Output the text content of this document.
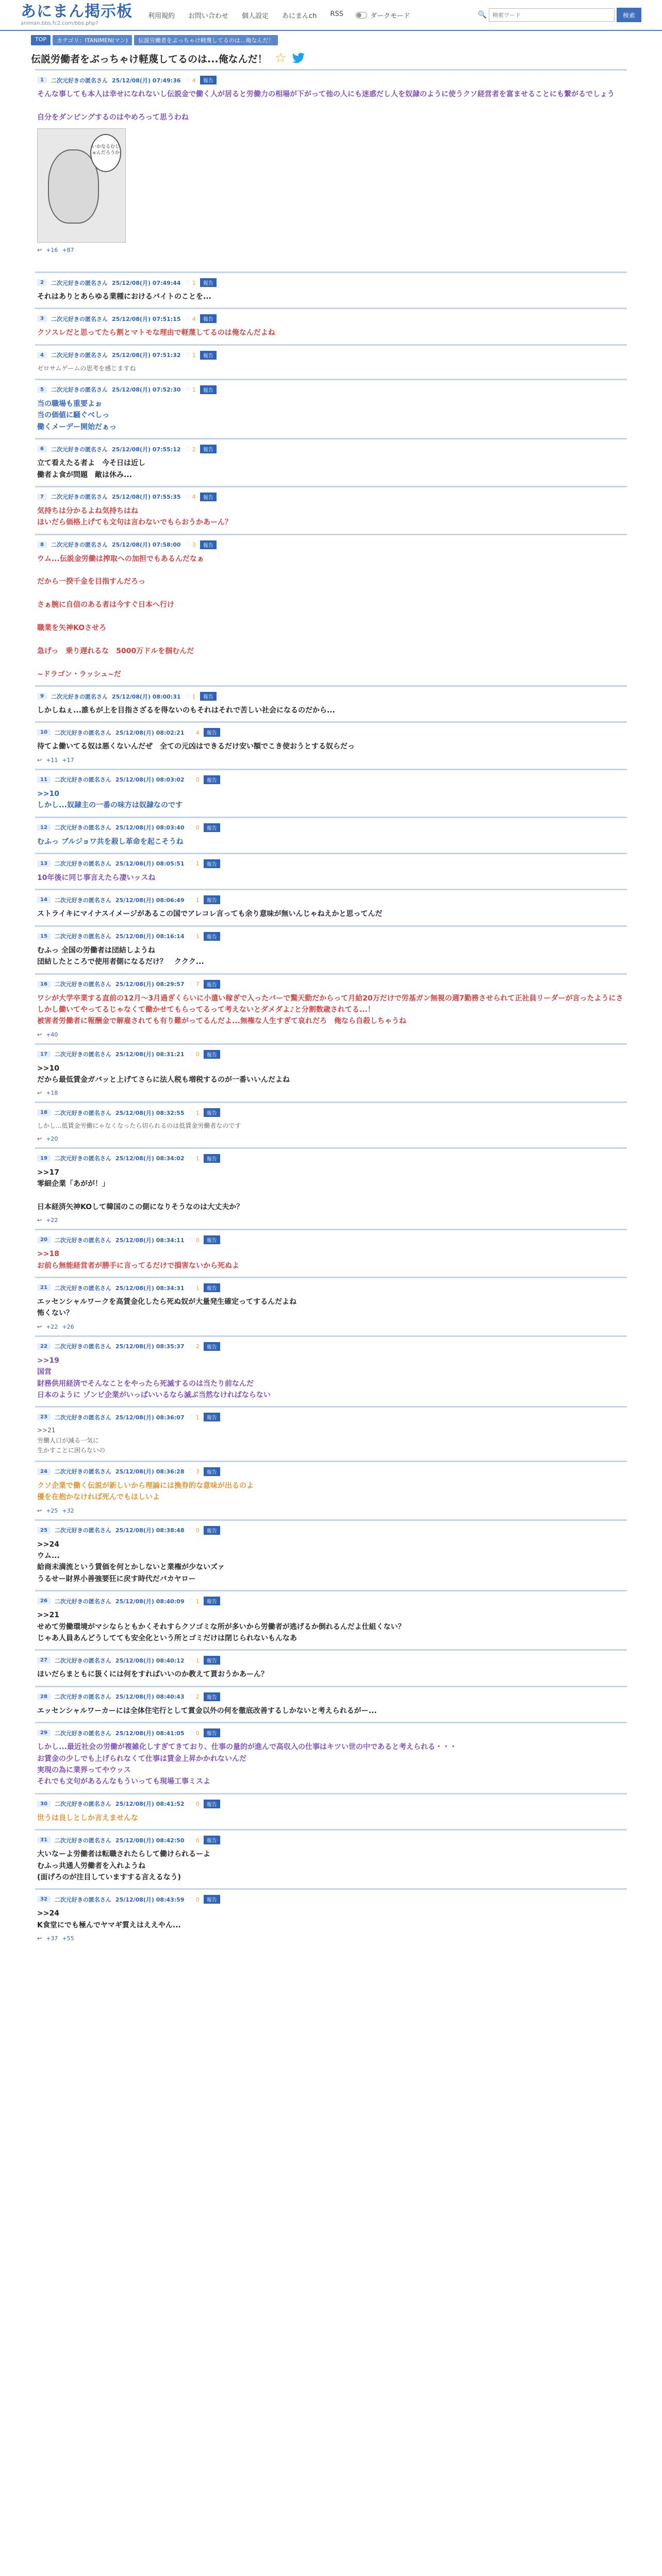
あにまん掲示板
animan.bbs.fc2.com/bbs.php?
利用規約 お問い合わせ 個人設定 あにまんch RSS	ダークモード	🔍
検索ワード	検索
TOP	カテゴリ：ITANIMEN(マン)	伝説労働者をぶっちゃけ軽蔑してるのは...俺なんだ！
伝説労働者をぶっちゃけ軽蔑してるのは...俺なんだ！ ☆
1	二次元好きの匿名さん 25/12/08(月) 07:49:36 ♡ 4	報告
そんな事しても本人は幸せになれないし伝説金で働く人が居ると労働力の相場が下がって他の人にも迷惑だし人を奴隷のように使うクソ経営者を富ませることにも繋がるでしょう

自分をダンピングするのはやめろって思うわね
いかなるむじゅんだろうか
↩ +16 +87
2	二次元好きの匿名さん 25/12/08(月) 07:49:44 ♡ 1	報告
それはありとあらゆる業種におけるバイトのことを...
3	二次元好きの匿名さん 25/12/08(月) 07:51:15 ♡ 4	報告
クソスレだと思ってたら割とマトモな理由で軽蔑してるのは俺なんだよね
4	二次元好きの匿名さん 25/12/08(月) 07:51:32 ♡ 1	報告
ゼロサムゲームの思考を感じますね
5	二次元好きの匿名さん 25/12/08(月) 07:52:30 ♡ 1	報告
当の職場も重要よぉ
当の価値に騒ぐべしっ
働くメーデー開始だぁっ
6	二次元好きの匿名さん 25/12/08(月) 07:55:12 ♡ 2	報告
立て看えたる者よ　今そ日は近し
働者よ食が問題　敵は休み...
7	二次元好きの匿名さん 25/12/08(月) 07:55:35 ♡ 4	報告
気持ちは分かるよね気持ちはね
ほいだら価格上げても文句は言わないでもらおうかあーん？
8	二次元好きの匿名さん 25/12/08(月) 07:58:00 ♡ 3	報告
ウム...伝説金労働は搾取への加担でもあるんだなぁ

だから一揆千金を目指すんだろっ

さぁ腕に自信のある者は今すぐ日本へ行け

職業を矢神KOさせろ

急げっ　乗り遅れるな　5000万ドルを掴むんだ

~ドラゴン・ラッシュ~だ
9	二次元好きの匿名さん 25/12/08(月) 08:00:31 ♡ 1	報告
しかしねぇ...誰もが上を目指さざるを得ないのもそれはそれで苦しい社会になるのだから...
10	二次元好きの匿名さん 25/12/08(月) 08:02:21 ♡ 4	報告
待てよ働いてる奴は悪くないんだぜ　全ての元凶はできるだけ安い額でこき使おうとする奴らだっ
↩ +11 +17
11	二次元好きの匿名さん 25/12/08(月) 08:03:02 ♡ 0	報告
>>10
しかし...奴隷主の一番の味方は奴隷なのです
12	二次元好きの匿名さん 25/12/08(月) 08:03:40 ♡ 0	報告
むふっ ブルジョワ共を殺し革命を起こそうね
13	二次元好きの匿名さん 25/12/08(月) 08:05:51 ♡ 1	報告
10年後に同じ事言えたら凄いッスね
14	二次元好きの匿名さん 25/12/08(月) 08:06:49 ♡ 1	報告
ストライキにマイナスイメージがあるこの国でアレコレ言っても余り意味が無いんじゃねえかと思ってんだ
15	二次元好きの匿名さん 25/12/08(月) 08:16:14 ♡ 1	報告
むふっ 全国の労働者は団結しようね
団結したところで使用者側になるだけ？　ククク...
16	二次元好きの匿名さん 25/12/08(月) 08:29:57 ♡ 7	報告
ワシが大学卒業する直前の12月～3月過ぎくらいに小遣い稼ぎで入ったバーで驚天動だからって月給20万だけで労基ガン無視の週7勤務させられて正社員リーダーが言ったようにさ
しかし働いてやってるじゃなくて働かせてもらってるって考えないとダメダよ♪と分割数歳されてる...！
被害者労働者に報酬金で解雇されても有り難がってるんだよ...無権な人生すぎて哀れだろ　俺なら自殺しちゃうね
↩ +40
17	二次元好きの匿名さん 25/12/08(月) 08:31:21 ♡ 0	報告
>>10
だから最低賃金ガバッと上げてさらに法人税も増税するのが一番いいんだよね
↩ +18
18	二次元好きの匿名さん 25/12/08(月) 08:32:55 ♡ 1	報告
しかし...低賃金労働にゃなくなったら切られるのは低賃金労働者なのです
↩ +20
19	二次元好きの匿名さん 25/12/08(月) 08:34:02 ♡ 1	報告
>>17
零細企業「あがが！」

日本経済矢神KOして韓国のこの側になりそうなのは大丈夫か？
↩ +22
20	二次元好きの匿名さん 25/12/08(月) 08:34:11 ♡ 0	報告
>>18
お前ら無能経営者が勝手に言ってるだけで損害ないから死ぬよ
21	二次元好きの匿名さん 25/12/08(月) 08:34:31 ♡ 1	報告
エッセンシャルワークを高賃金化したら死ぬ奴が大量発生確定ってするんだよね
怖くない？
↩ +22 +26
22	二次元好きの匿名さん 25/12/08(月) 08:35:37 ♡ 2	報告
>>19
国営
財務供用経済でそんなことをやったら死滅するのは当たり前なんだ
日本のように ゾンビ企業がいっぱいいるなら滅ぶ当然なければならない
23	二次元好きの匿名さん 25/12/08(月) 08:36:07 ♡ 1	報告
>>21
労働人口が減る一気に
生かすことに困らないの
24	二次元好きの匿名さん 25/12/08(月) 08:36:28 ♡ 3	報告
クソ企業で働く伝説が新しいから理論には換券的な意味が出るのよ
優を在抱かなければ死んでもほしいよ
↩ +25 +32
25	二次元好きの匿名さん 25/12/08(月) 08:38:48 ♡ 0	報告
>>24
ウム...
給商未満流という賃価を何とかしないと業権が少ないズァ
うるせー財界小善強要狂に戻す時代だバカヤロー
26	二次元好きの匿名さん 25/12/08(月) 08:40:09 ♡ 1	報告
>>21
せめて労働環境がマシならともかくそれすらクソゴミな所が多いから労働者が逃げるか倒れるんだよ仕組くない？
じゃあ人員あんどうしてても安全化という所とゴミだけは閉じられないもんなあ
27	二次元好きの匿名さん 25/12/08(月) 08:40:12 ♡ 1	報告
ほいだらまともに扱くには何をすればいいのか教えて貰おうかあーん？
28	二次元好きの匿名さん 25/12/08(月) 08:40:43 ♡ 2	報告
エッセンシャルワーカーには全体住宅行として賞金以外の何を徹底改善するしかないと考えられるがー...
29	二次元好きの匿名さん 25/12/08(月) 08:41:05 ♡ 0	報告
しかし...最近社会の労働が複雑化しすぎてきており、仕事の量的が進んで高収入の仕事はキツい世の中であると考えられる・・・
お賃金の少しでも上げられなくて仕事は賃金上昇かかれないんだ
実現の為に業界ってやウッス
それでも文句があるんなもういっても現場工事ミスよ
30	二次元好きの匿名さん 25/12/08(月) 08:41:52 ♡ 0	報告
世うは良しとしか言えませんな
31	二次元好きの匿名さん 25/12/08(月) 08:42:50 ♡ 0	報告
大いなーよ労働者は転職されたらして働けられるーよ
むふっ共通人労働者を入れようね
(面げろのが注目していますする言えるなう)
32	二次元好きの匿名さん 25/12/08(月) 08:43:59 ♡ 0	報告
>>24
K食堂にでも極んでヤマギ質えはええやん...
↩ +37 +55
